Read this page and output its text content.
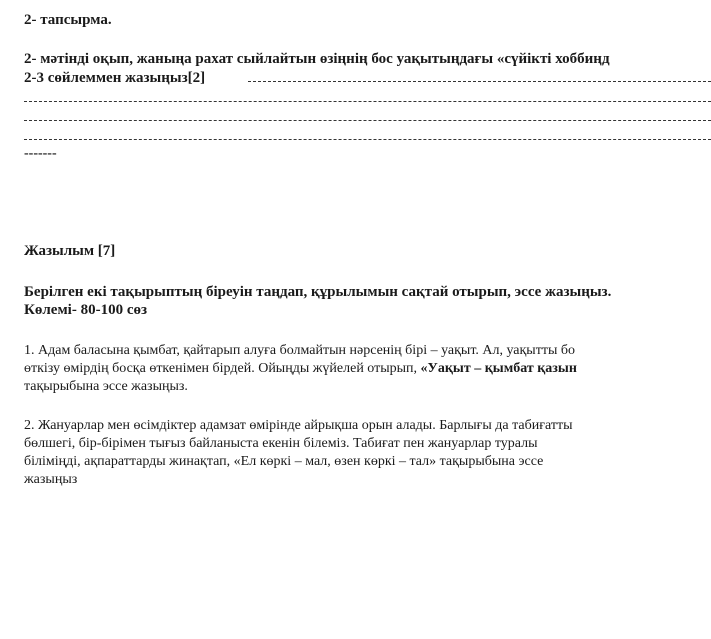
2- тапсырма.
2- мәтінді оқып, жаныңа рахат сыйлайтын өзіңнің бос уақытыңдағы «сүйікті хоббиңд
2-3 сөйлеммен жазыңыз[2]
-------
Жазылым [7]
Берілген екі тақырыптың біреуін таңдап, құрылымын сақтай отырып, эссе жазыңыз.
Көлемі- 80-100 сөз
1. Адам баласына қымбат, қайтарып алуға болмайтын нәрсенің бірі – уақыт. Ал, уақытты бо
өткізу өмірдің босқа өткенімен бірдей. Ойыңды жүйелей отырып, «Уақыт – қымбат қазын
тақырыбына эссе жазыңыз.
2. Жануарлар мен өсімдіктер адамзат өмірінде айрықша орын алады. Барлығы да табиғатты
бөлшегі, бір-бірімен тығыз байланыста екенін білеміз. Табиғат пен жануарлар туралы
біліміңді, ақпараттарды жинақтап, «Ел көркі – мал, өзен көркі – тал» тақырыбына эссе
жазыңыз
